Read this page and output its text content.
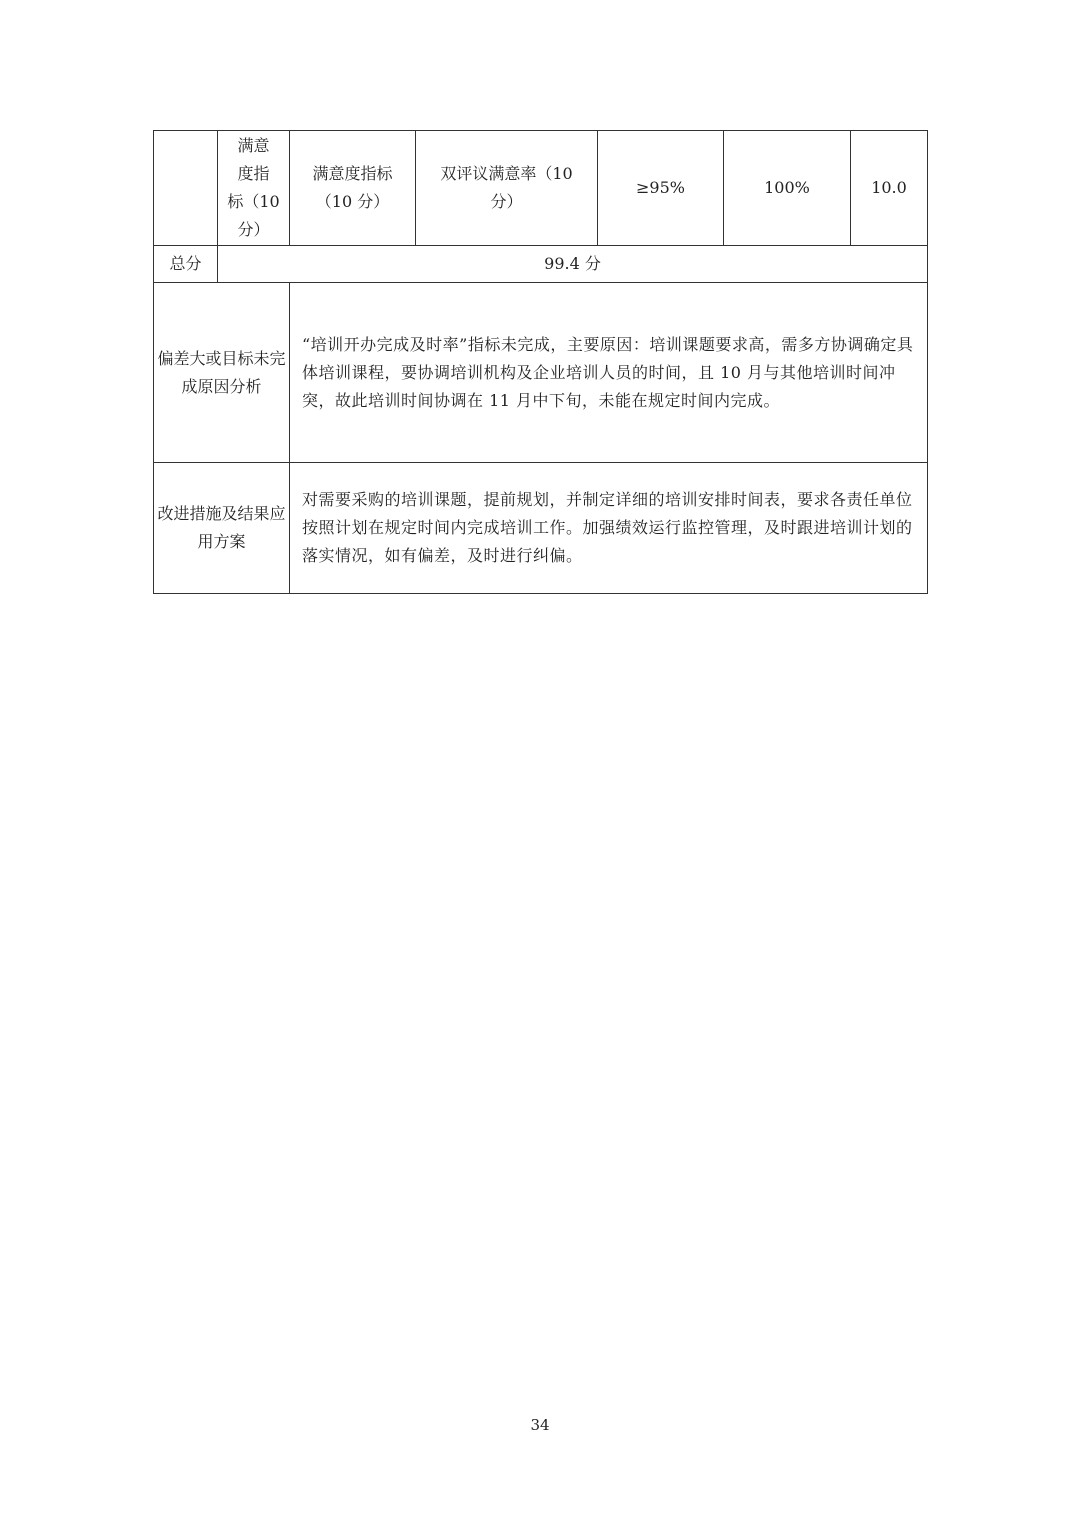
	满意
度指
标（10
分）	满意度指标
（10 分）	双评议满意率（10
分）	≥95%	100%	10.0
总分	99.4 分					
偏差大或目标未完成原因分析		“培训开办完成及时率”指标未完成，主要原因：培训课题要求高，需多方协调确定具体培训课程，要协调培训机构及企业培训人员的时间，且 10 月与其他培训时间冲突，故此培训时间协调在 11 月中下旬，未能在规定时间内完成。				
改进措施及结果应用方案		对需要采购的培训课题，提前规划，并制定详细的培训安排时间表，要求各责任单位按照计划在规定时间内完成培训工作。加强绩效运行监控管理，及时跟进培训计划的落实情况，如有偏差，及时进行纠偏。				
34
